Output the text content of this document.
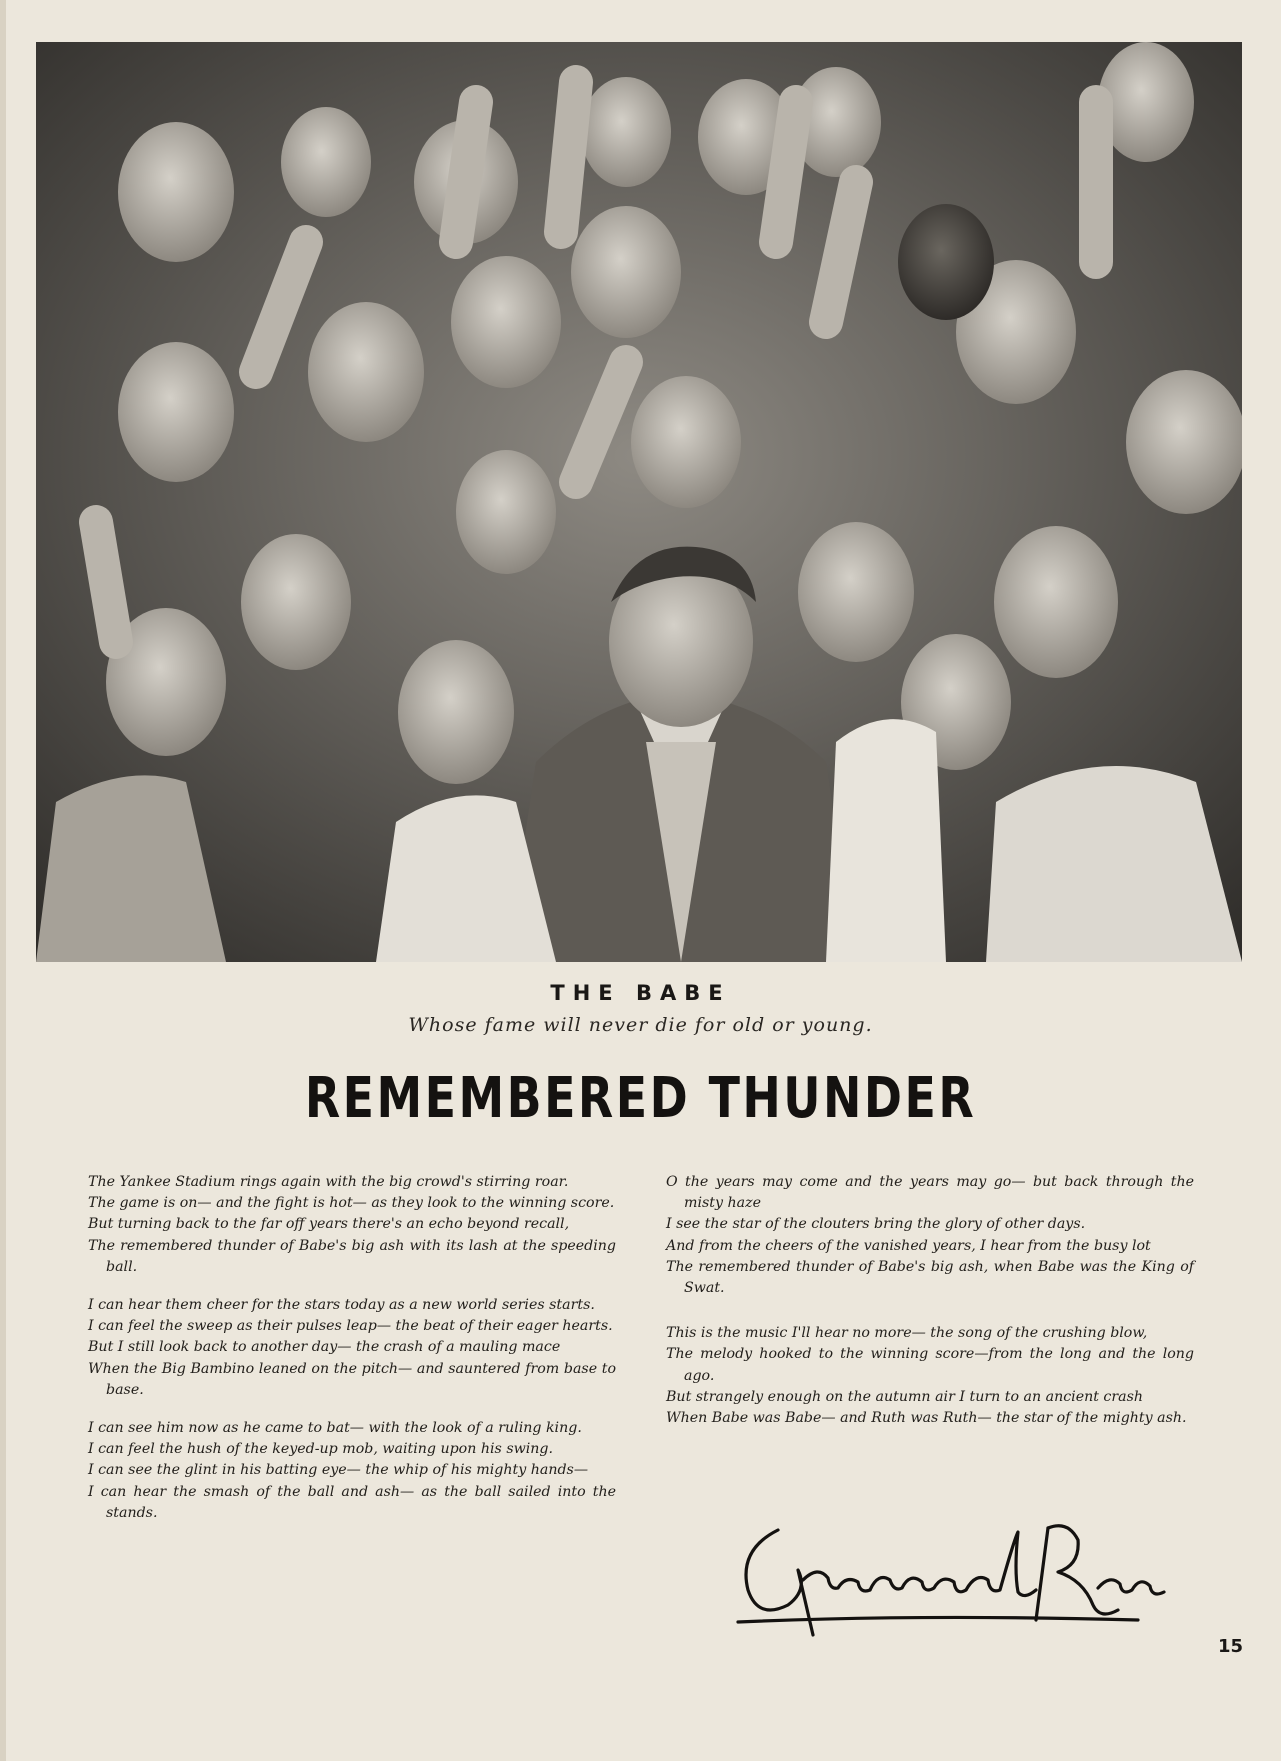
THE BABE
Whose fame will never die for old or young.
REMEMBERED THUNDER
The Yankee Stadium rings again with the big crowd's stirring roar.
The game is on— and the fight is hot— as they look to the winning score.
But turning back to the far off years there's an echo beyond recall,
The remembered thunder of Babe's big ash with its lash at the speeding ball.
I can hear them cheer for the stars today as a new world series starts.
I can feel the sweep as their pulses leap— the beat of their eager hearts.
But I still look back to another day— the crash of a mauling mace
When the Big Bambino leaned on the pitch— and sauntered from base to base.
I can see him now as he came to bat— with the look of a ruling king.
I can feel the hush of the keyed-up mob, waiting upon his swing.
I can see the glint in his batting eye— the whip of his mighty hands—
I can hear the smash of the ball and ash— as the ball sailed into the stands.
O the years may come and the years may go— but back through the misty haze
I see the star of the clouters bring the glory of other days.
And from the cheers of the vanished years, I hear from the busy lot
The remembered thunder of Babe's big ash, when Babe was the King of Swat.
This is the music I'll hear no more— the song of the crushing blow,
The melody hooked to the winning score—from the long and the long ago.
But strangely enough on the autumn air I turn to an ancient crash
When Babe was Babe— and Ruth was Ruth— the star of the mighty ash.
15
